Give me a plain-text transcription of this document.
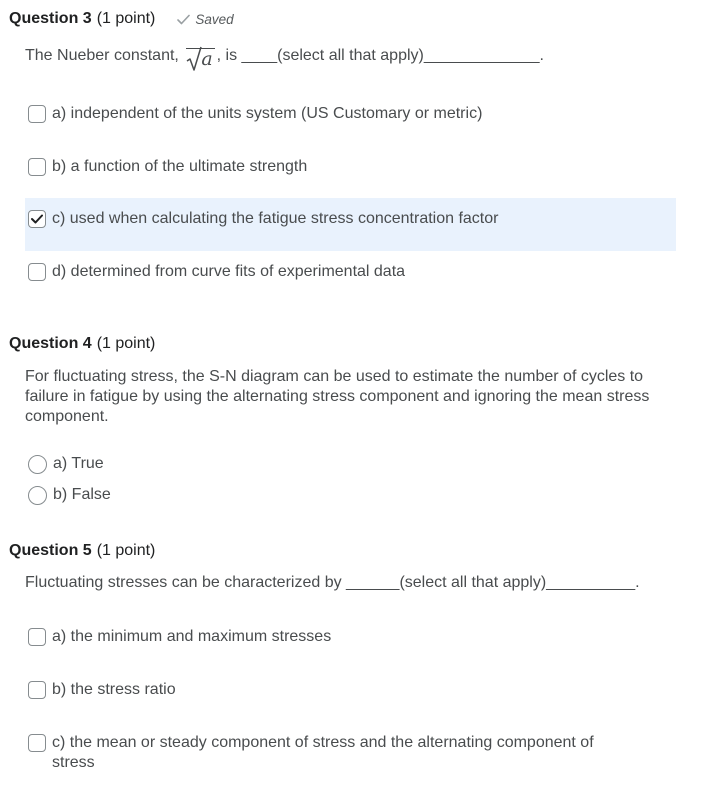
Question 3 (1 point)	Saved
The Nueber constant,
a , is ____(select all that apply)_____________.
a) independent of the units system (US Customary or metric)
b) a function of the ultimate strength
c) used when calculating the fatigue stress concentration factor
d) determined from curve fits of experimental data
Question 4 (1 point)
For fluctuating stress, the S-N diagram can be used to estimate the number of cycles to failure in fatigue by using the alternating stress component and ignoring the mean stress component.
a) True
b) False
Question 5 (1 point)
Fluctuating stresses can be characterized by ______(select all that apply)__________.
a) the minimum and maximum stresses
b) the stress ratio
c) the mean or steady component of stress and the alternating component of stress
